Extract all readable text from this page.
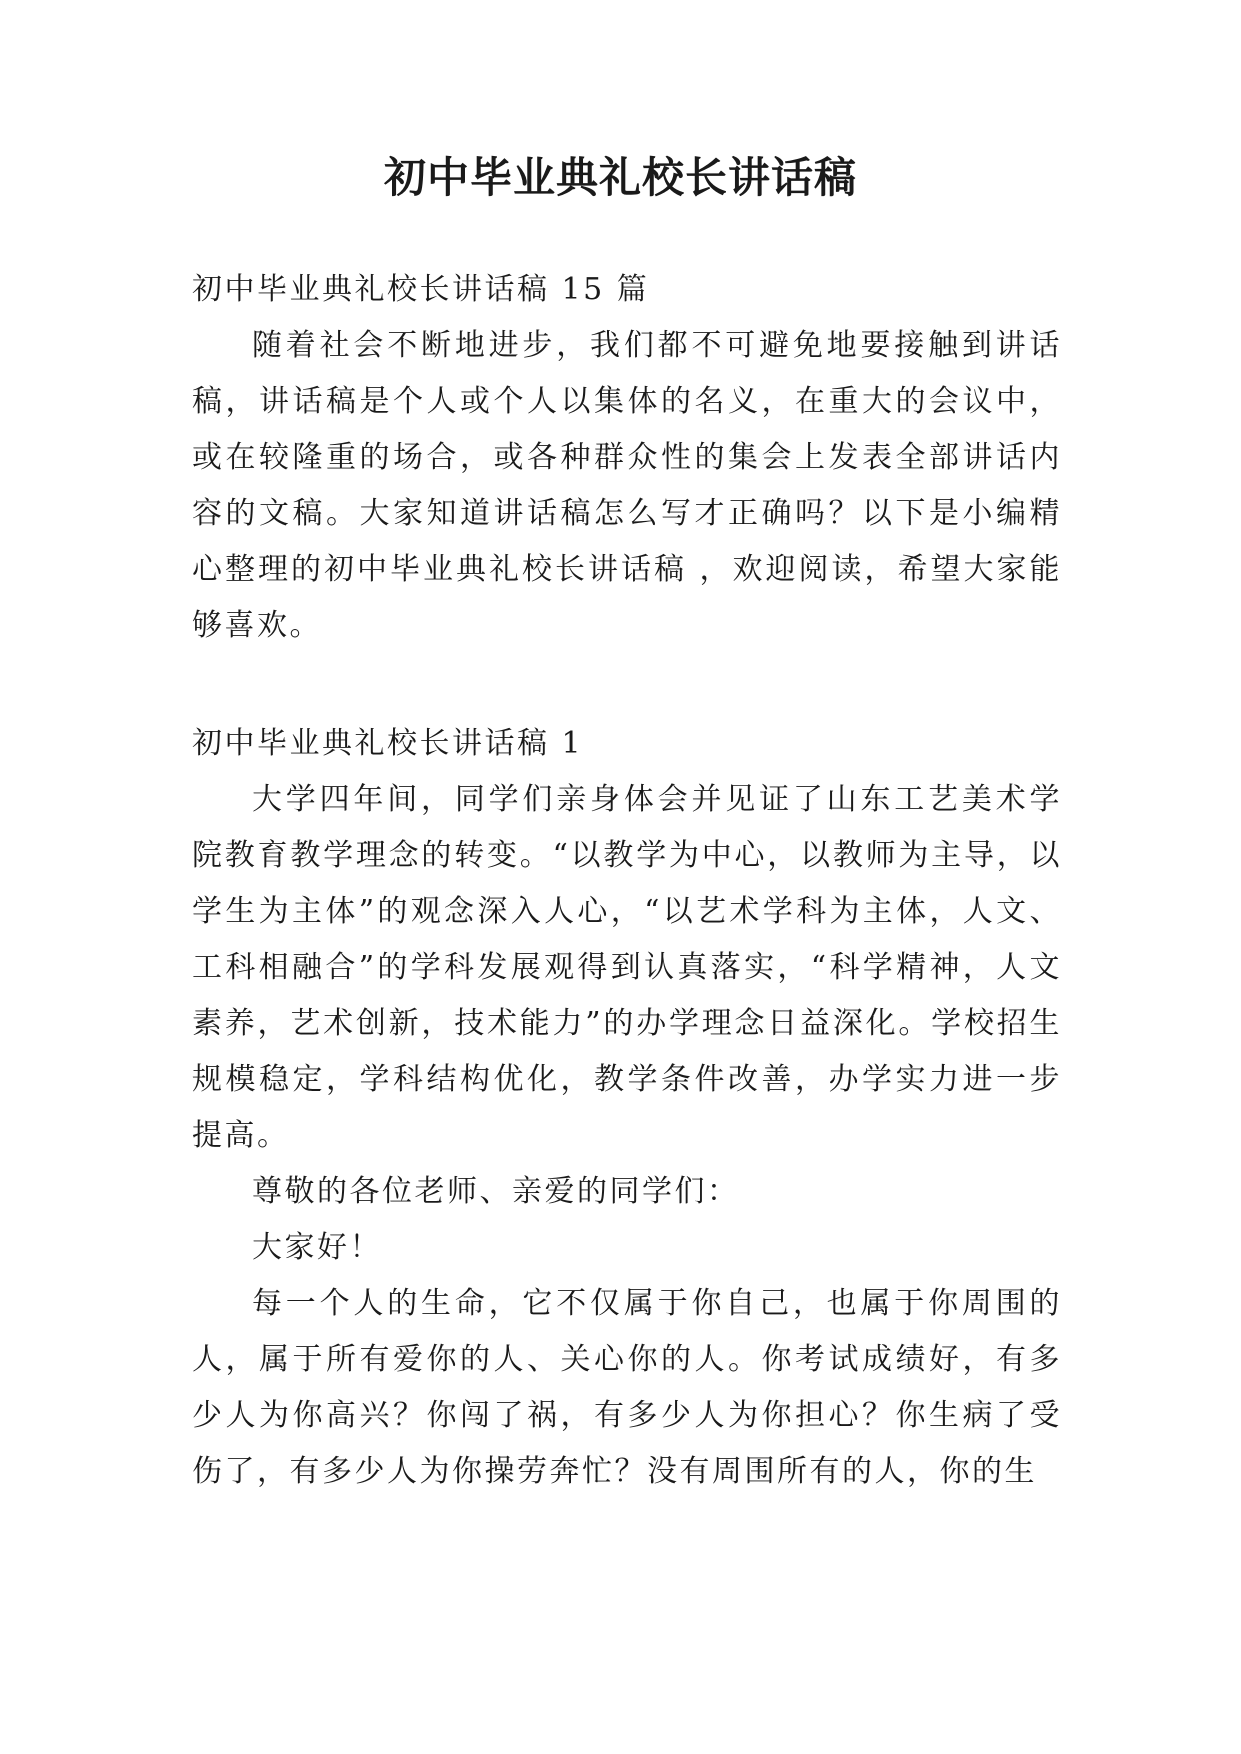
初中毕业典礼校长讲话稿

初中毕业典礼校长讲话稿 15 篇

随着社会不断地进步，我们都不可避免地要接触到讲话稿，讲话稿是个人或个人以集体的名义，在重大的会议中，或在较隆重的场合，或各种群众性的集会上发表全部讲话内容的文稿。大家知道讲话稿怎么写才正确吗？以下是小编精心整理的初中毕业典礼校长讲话稿 ，欢迎阅读，希望大家能够喜欢。

初中毕业典礼校长讲话稿 1

大学四年间，同学们亲身体会并见证了山东工艺美术学院教育教学理念的转变。“以教学为中心，以教师为主导，以学生为主体”的观念深入人心，“以艺术学科为主体，人文、工科相融合”的学科发展观得到认真落实，“科学精神，人文素养，艺术创新，技术能力”的办学理念日益深化。学校招生规模稳定，学科结构优化，教学条件改善，办学实力进一步提高。

尊敬的各位老师、亲爱的同学们：

大家好！

每一个人的生命，它不仅属于你自己，也属于你周围的人，属于所有爱你的人、关心你的人。你考试成绩好，有多少人为你高兴？你闯了祸，有多少人为你担心？你生病了受伤了，有多少人为你操劳奔忙？没有周围所有的人，你的生
